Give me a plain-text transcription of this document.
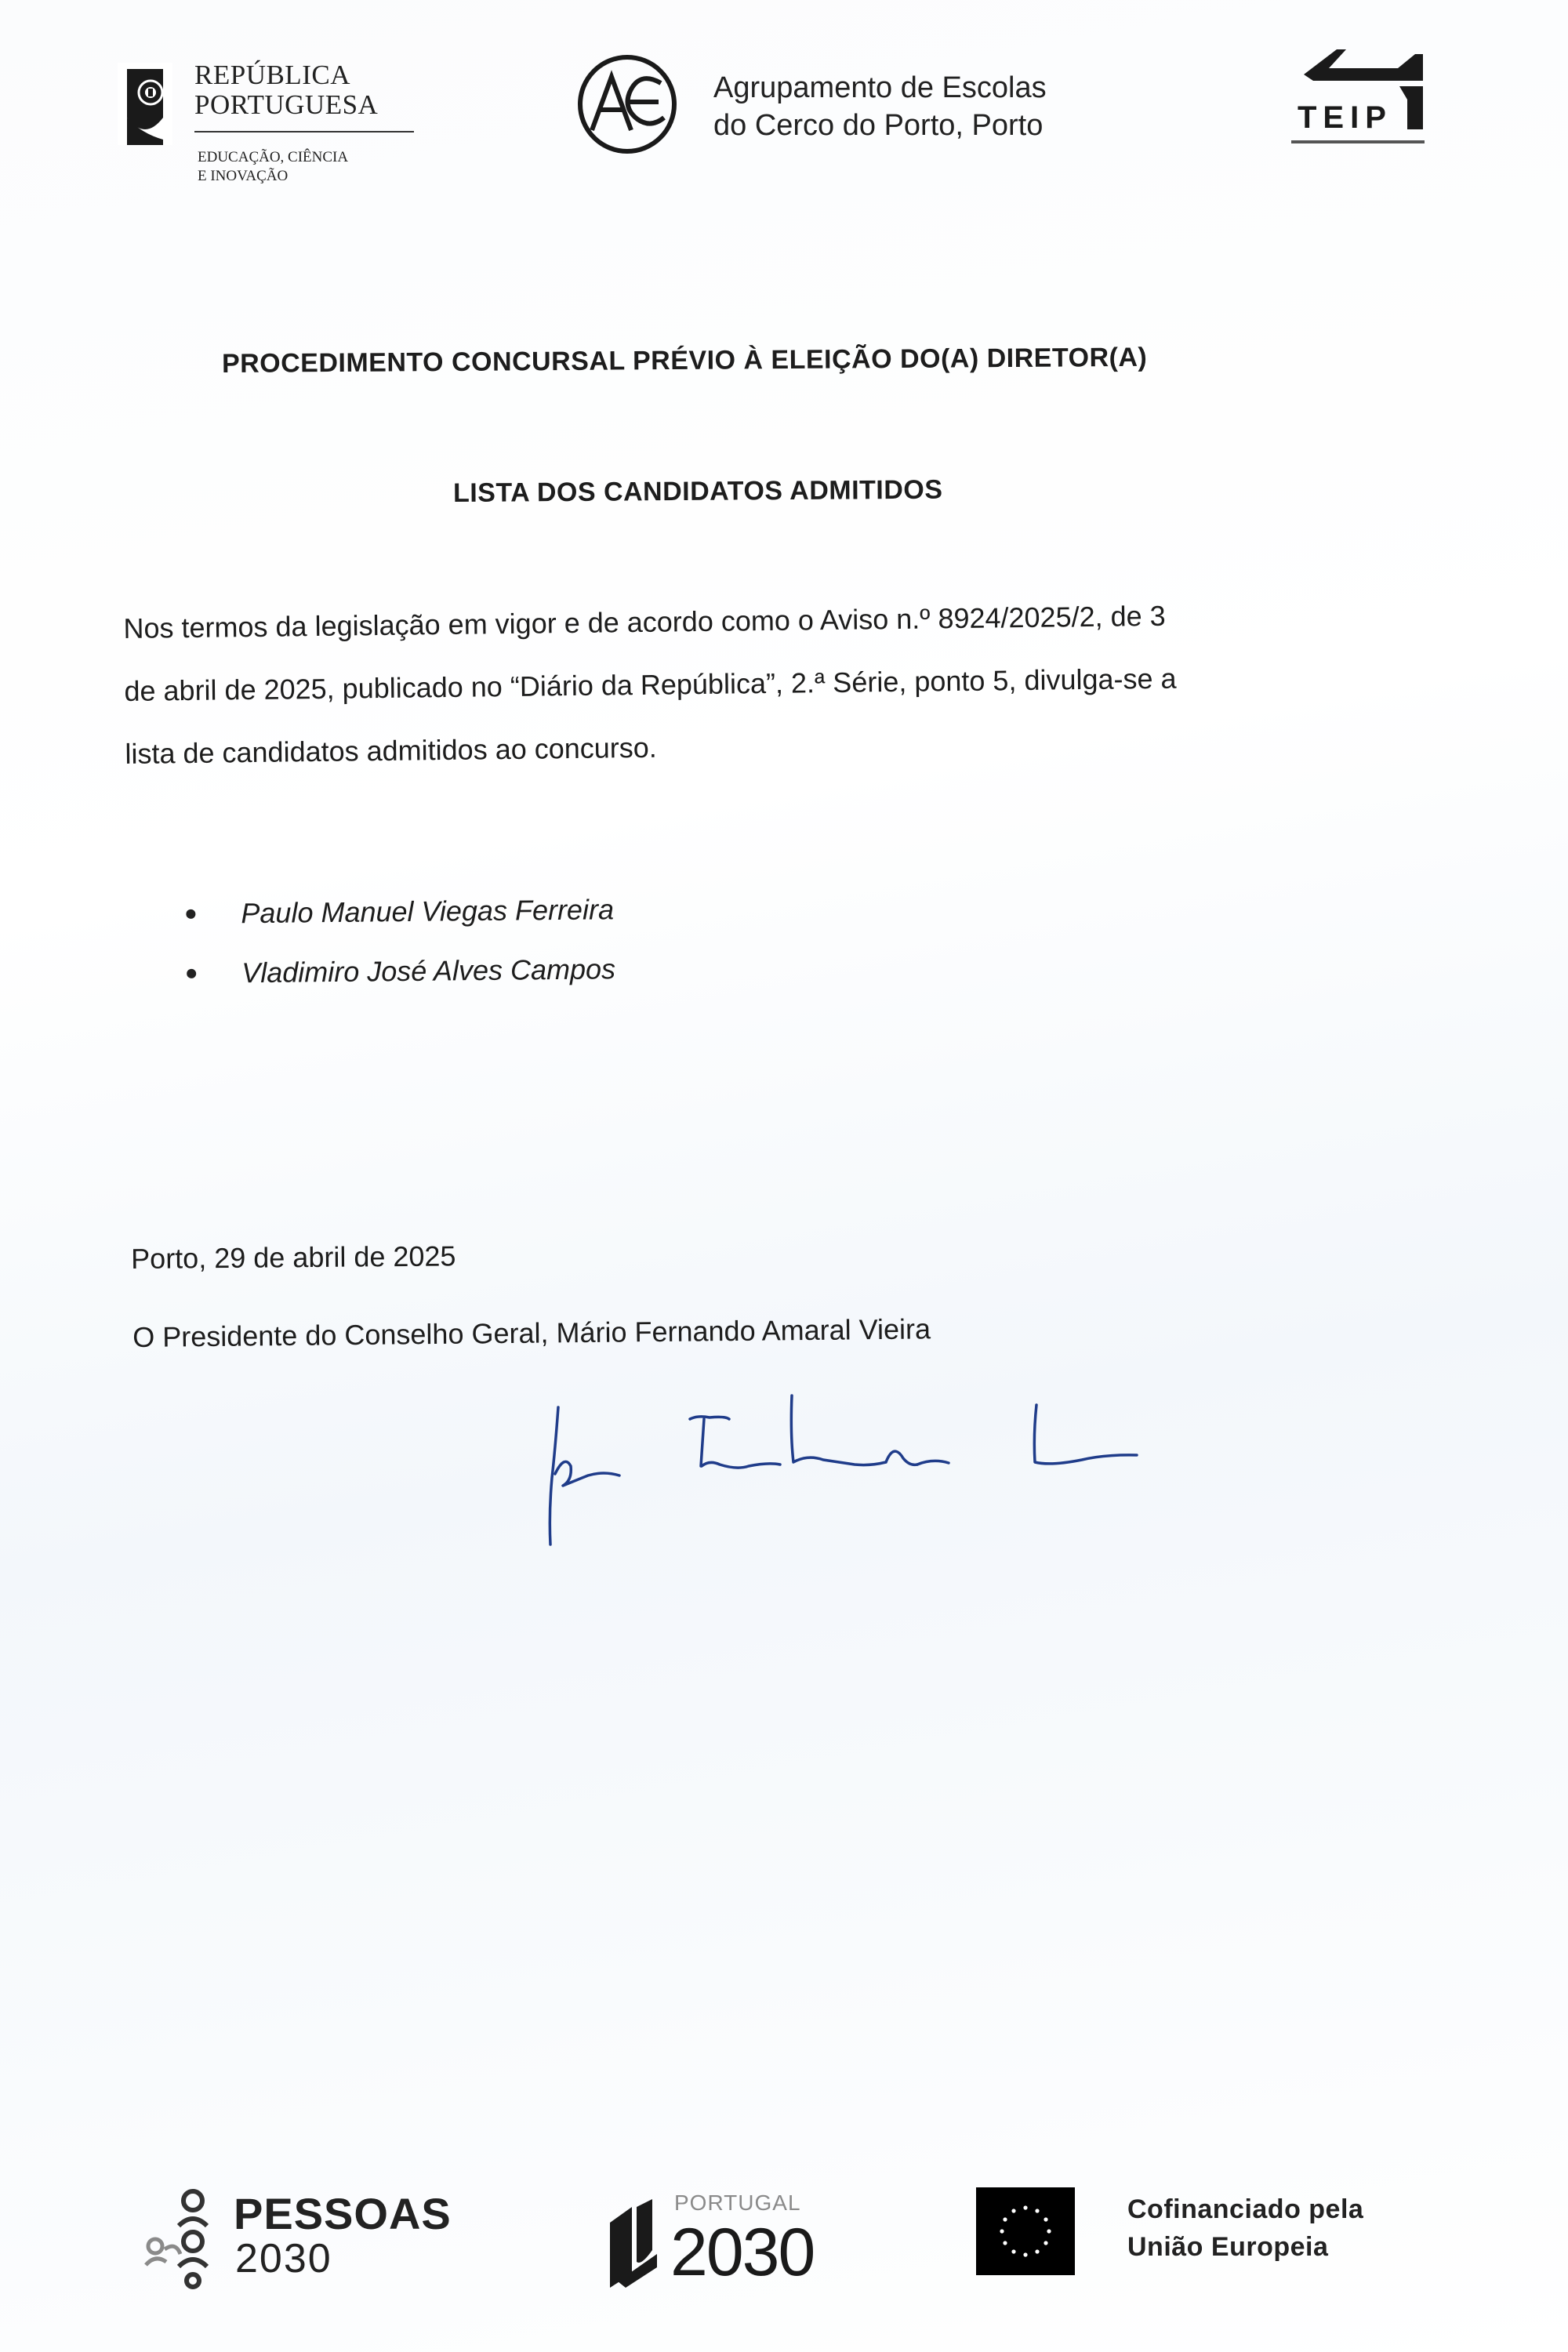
REPÚBLICA
PORTUGUESA
EDUCAÇÃO, CIÊNCIA
E INOVAÇÃO
Agrupamento de Escolas
do Cerco do Porto, Porto	TEIP
PROCEDIMENTO CONCURSAL PRÉVIO À ELEIÇÃO DO(A) DIRETOR(A)
LISTA DOS CANDIDATOS ADMITIDOS
Nos termos da legislação em vigor e de acordo como o Aviso n.º 8924/2025/2, de 3
de abril de 2025, publicado no “Diário da República”, 2.ª Série, ponto 5, divulga-se a
lista de candidatos admitidos ao concurso.
Paulo Manuel Viegas Ferreira
Vladimiro José Alves Campos
Porto, 29 de abril de 2025
O Presidente do Conselho Geral, Mário Fernando Amaral Vieira
PESSOAS
2030
PORTUGAL
2030
Cofinanciado pela
União Europeia
